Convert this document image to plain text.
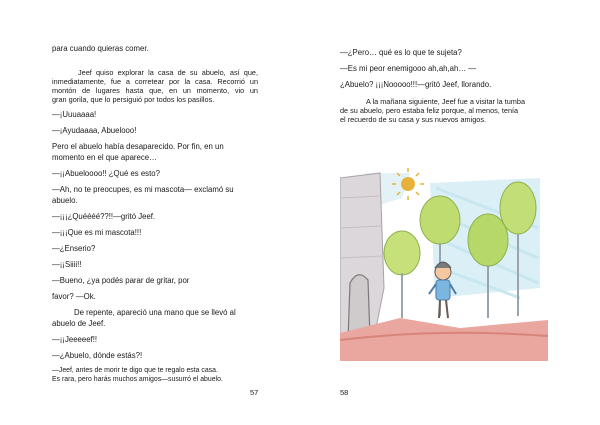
para cuando quieras comer.

Jeef quiso explorar la casa de su abuelo, así que,

inmediatamente, fue a corretear por la casa. Recorrió un

montón de lugares hasta que, en un momento, vio un

gran gorila, que lo persiguió por todos los pasillos.

—¡Uuuaaaa!

—¡Ayudaaaa, Abuelooo!

Pero el abuelo había desaparecido. Por fin, en un

momento en el que aparece…

—¡¡Abueloooo!! ¿Qué es esto?

—Ah, no te preocupes, es mi mascota— exclamó su

abuelo.

—¡¡¡¿Quéééé??!!—gritó Jeef.

—¡¡¡Que es mi mascota!!!

—¿Enserio?

—¡¡Siiii!!

—Bueno, ¿ya podés parar de gritar, por

favor? —Ok.

De repente, apareció una mano que se llevó al

abuelo de Jeef.

—¡¡Jeeeeef!!

—¿Abuelo, dónde estás?!

—Jeef, antes de morir te digo que te regalo esta casa.

Es rara, pero harás muchos amigos—susurró el abuelo.

57

—¿Pero… qué es lo que te sujeta?

—Es mi peor enemigooo ah,ah,ah… —

¿Abuelo? ¡¡¡Nooooo!!!—gritó Jeef, llorando.

A la mañana siguiente, Jeef fue a visitar la tumba

de su abuelo, pero estaba feliz porque, al menos, tenía

el recuerdo de su casa y sus nuevos amigos.

58
